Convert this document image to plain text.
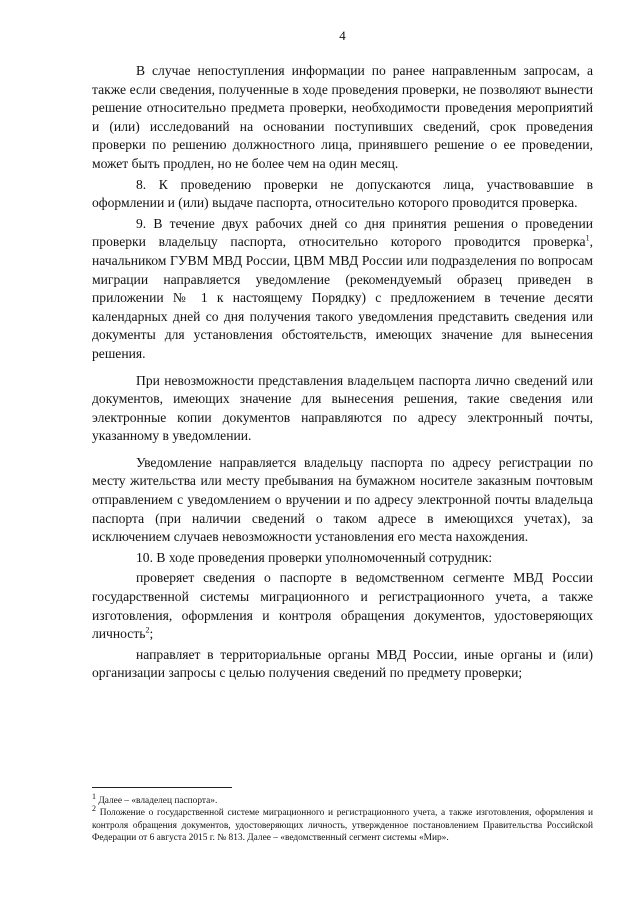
4

В случае непоступления информации по ранее направленным запросам, а также если сведения, полученные в ходе проведения проверки, не позволяют вынести решение относительно предмета проверки, необходимости проведения мероприятий и (или) исследований на основании поступивших сведений, срок проведения проверки по решению должностного лица, принявшего решение о ее проведении, может быть продлен, но не более чем на один месяц.

8. К проведению проверки не допускаются лица, участвовавшие в оформлении и (или) выдаче паспорта, относительно которого проводится проверка.

9. В течение двух рабочих дней со дня принятия решения о проведении проверки владельцу паспорта, относительно которого проводится проверка$^1$, начальником ГУВМ МВД России, ЦВМ МВД России или подразделения по вопросам миграции направляется уведомление (рекомендуемый образец приведен в приложении № 1 к настоящему Порядку) с предложением в течение десяти календарных дней со дня получения такого уведомления представить сведения или документы для установления обстоятельств, имеющих значение для вынесения решения.

При невозможности представления владельцем паспорта лично сведений или документов, имеющих значение для вынесения решения, такие сведения или электронные копии документов направляются по адресу электронный почты, указанному в уведомлении.

Уведомление направляется владельцу паспорта по адресу регистрации по месту жительства или месту пребывания на бумажном носителе заказным почтовым отправлением с уведомлением о вручении и по адресу электронной почты владельца паспорта (при наличии сведений о таком адресе в имеющихся учетах), за исключением случаев невозможности установления его места нахождения.

10. В ходе проведения проверки уполномоченный сотрудник:

проверяет сведения о паспорте в ведомственном сегменте МВД России государственной системы миграционного и регистрационного учета, а также изготовления, оформления и контроля обращения документов, удостоверяющих личность$^2$;

направляет в территориальные органы МВД России, иные органы и (или) организации запросы с целью получения сведений по предмету проверки;

$^1$ Далее – «владелец паспорта».

$^2$ Положение о государственной системе миграционного и регистрационного учета, а также изготовления, оформления и контроля обращения документов, удостоверяющих личность, утвержденное постановлением Правительства Российской Федерации от 6 августа 2015 г. № 813. Далее – «ведомственный сегмент системы «Мир».
